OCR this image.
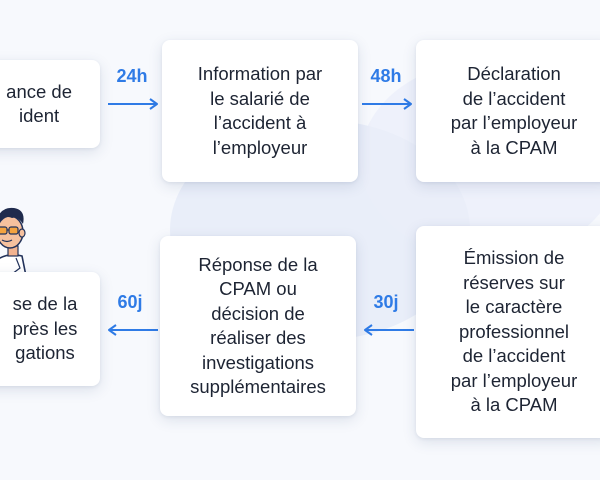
ance de
ident
24h	Information par
le salarié de
l’accident à
l’employeur
48h	Déclaration
de l’accident
par l’employeur
à la CPAM
se de la
près les
gations
60j
Réponse de la
CPAM ou
décision de
réaliser des
investigations
supplémentaires
30j
Émission de
réserves sur
le caractère
professionnel
de l’accident
par l’employeur
à la CPAM
